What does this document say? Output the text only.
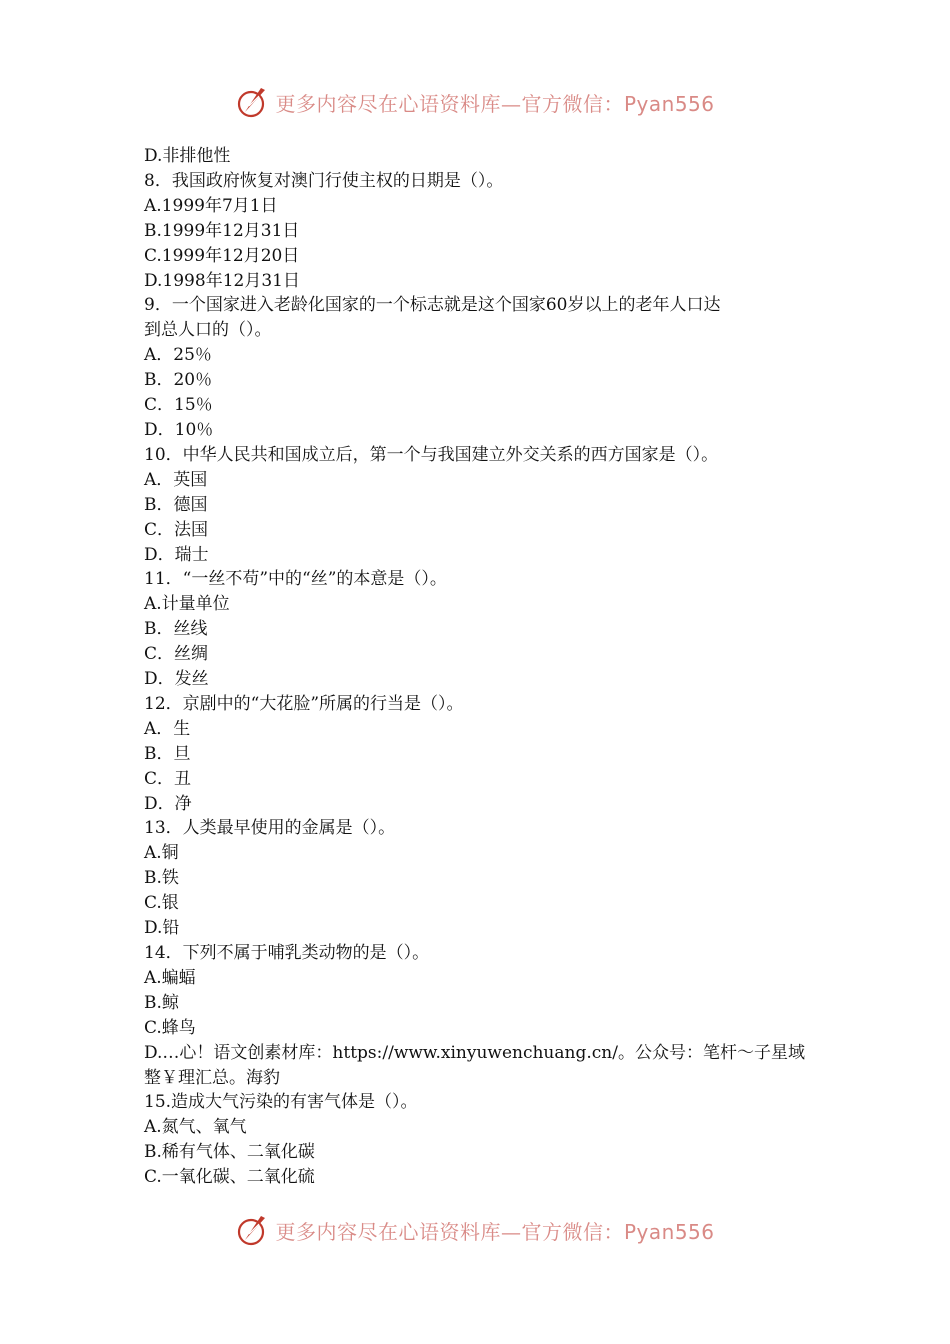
更多内容尽在心语资料库—官方微信：Pyan556
D.非排他性
8．我国政府恢复对澳门行使主权的日期是（）。
A.1999年7月1日
B.1999年12月31日
C.1999年12月20日
D.1998年12月31日
9．一个国家进入老龄化国家的一个标志就是这个国家60岁以上的老年人口达
到总人口的（）。
A．25％
B．20％
C．15％
D．10％
10．中华人民共和国成立后，第一个与我国建立外交关系的西方国家是（）。
A．英国
B．德国
C．法国
D．瑞士
11．“一丝不苟”中的“丝”的本意是（）。
A.计量单位
B．丝线
C．丝绸
D．发丝
12．京剧中的“大花脸”所属的行当是（）。
A．生
B．旦
C．丑
D．净
13．人类最早使用的金属是（）。
A.铜
B.铁
C.银
D.铅
14．下列不属于哺乳类动物的是（）。
A.蝙蝠
B.鲸
C.蜂鸟
D.…心！语文创素材库：https://www.xinyuwenchuang.cn/。公众号：笔杆～子星域
整￥理汇总。海豹
15.造成大气污染的有害气体是（）。
A.氮气、氧气
B.稀有气体、二氧化碳
C.一氧化碳、二氧化硫
更多内容尽在心语资料库—官方微信：Pyan556
